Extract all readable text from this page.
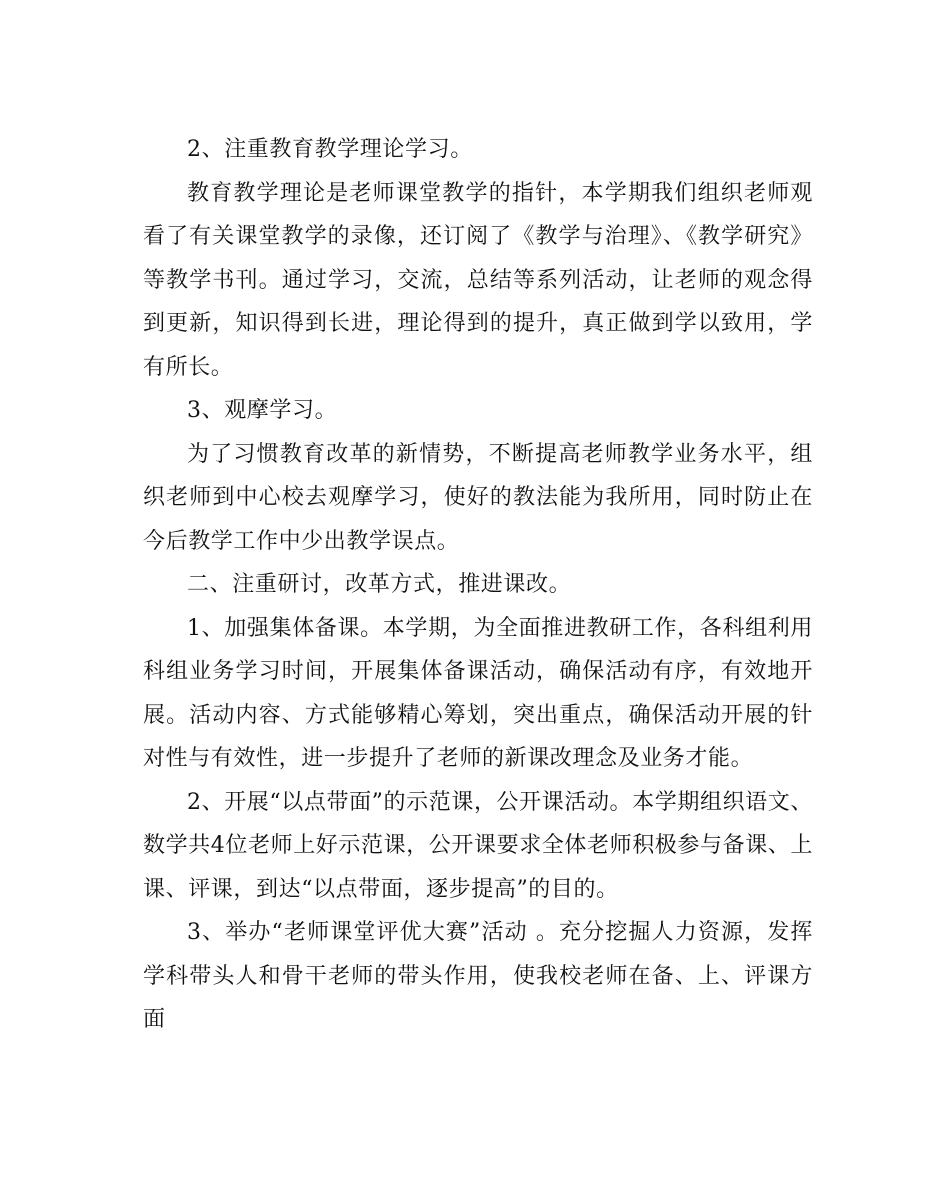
2、注重教育教学理论学习。

教育教学理论是老师课堂教学的指针，本学期我们组织老师观看了有关课堂教学的录像，还订阅了《教学与治理》、《教学研究》等教学书刊。通过学习，交流，总结等系列活动，让老师的观念得到更新，知识得到长进，理论得到的提升，真正做到学以致用，学有所长。

3、观摩学习。

为了习惯教育改革的新情势，不断提高老师教学业务水平，组织老师到中心校去观摩学习，使好的教法能为我所用，同时防止在今后教学工作中少出教学误点。

二、注重研讨，改革方式，推进课改。

1、加强集体备课。本学期，为全面推进教研工作，各科组利用科组业务学习时间，开展集体备课活动，确保活动有序，有效地开展。活动内容、方式能够精心筹划，突出重点，确保活动开展的针对性与有效性，进一步提升了老师的新课改理念及业务才能。

2、开展“以点带面”的示范课，公开课活动。本学期组织语文、数学共4位老师上好示范课，公开课要求全体老师积极参与备课、上课、评课，到达“以点带面，逐步提高”的目的。

3、举办“老师课堂评优大赛”活动 。充分挖掘人力资源，发挥学科带头人和骨干老师的带头作用，使我校老师在备、上、评课方面
